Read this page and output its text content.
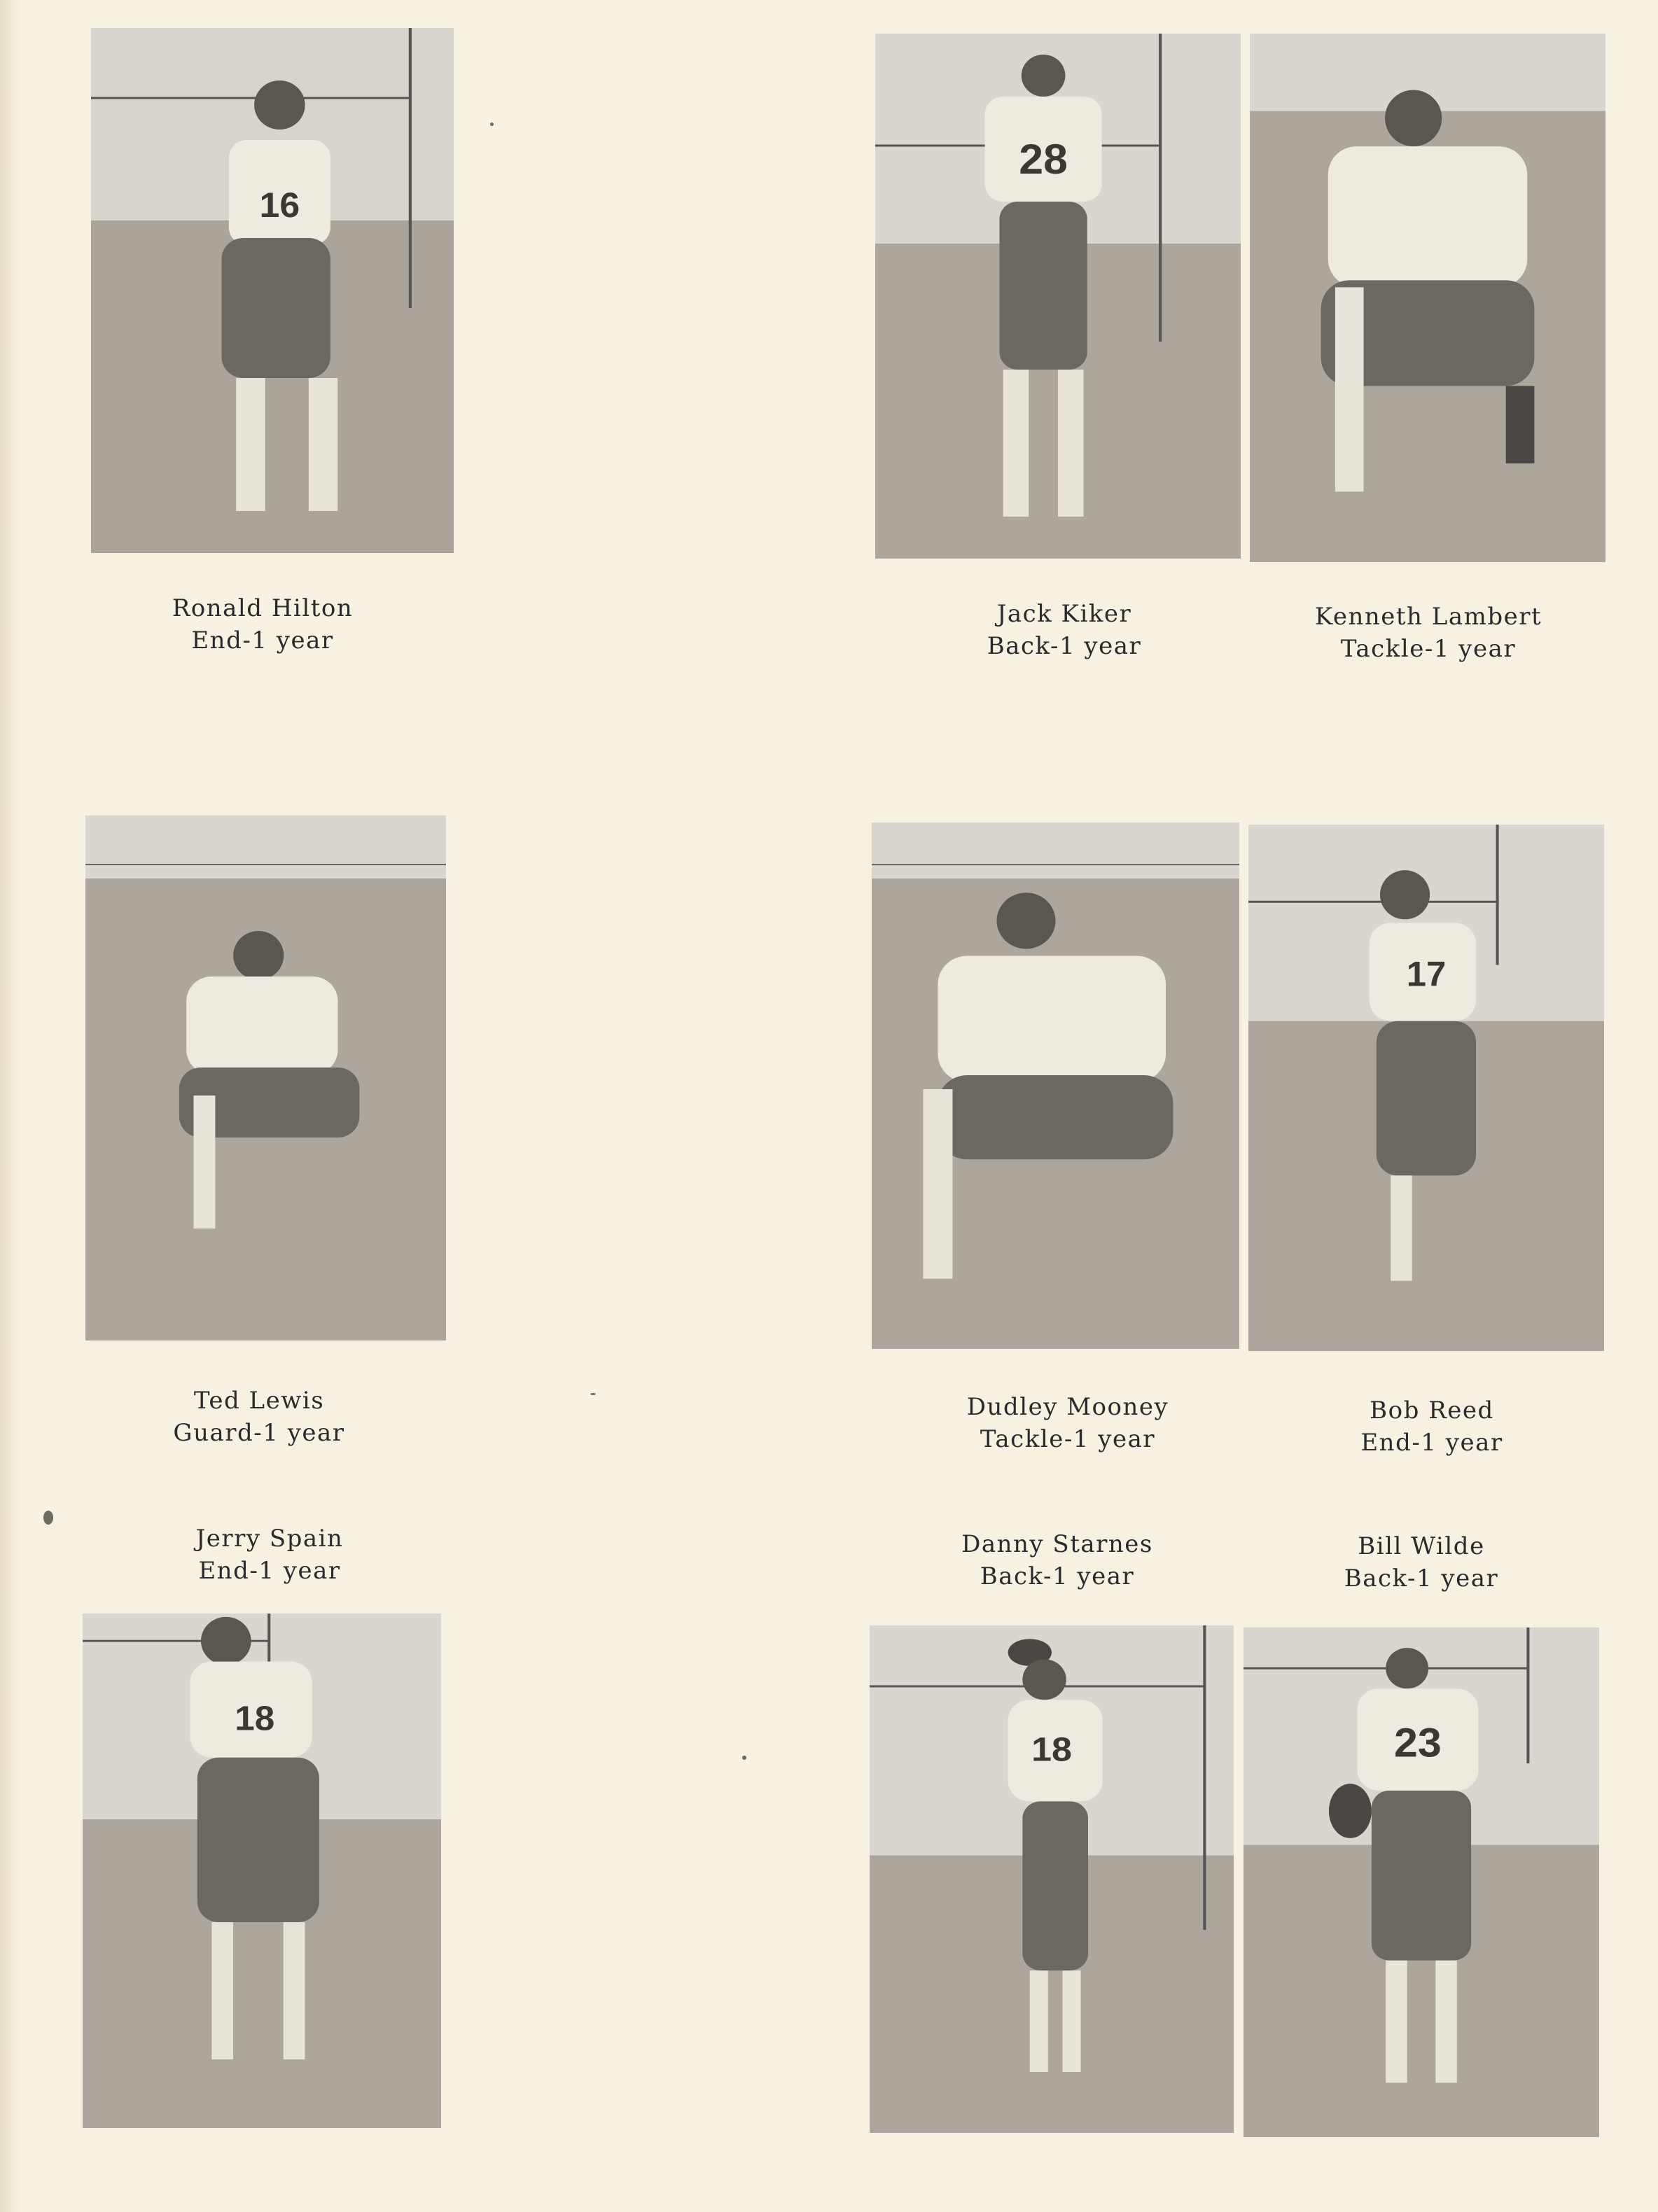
16
28
Ronald Hilton
End-1 year
Jack Kiker
Back-1 year
Kenneth Lambert
Tackle-1 year
17
Ted Lewis
Guard-1 year
Dudley Mooney
Tackle-1 year
Bob Reed
End-1 year
Jerry Spain
End-1 year
Danny Starnes
Back-1 year
Bill Wilde
Back-1 year
18
18	23
